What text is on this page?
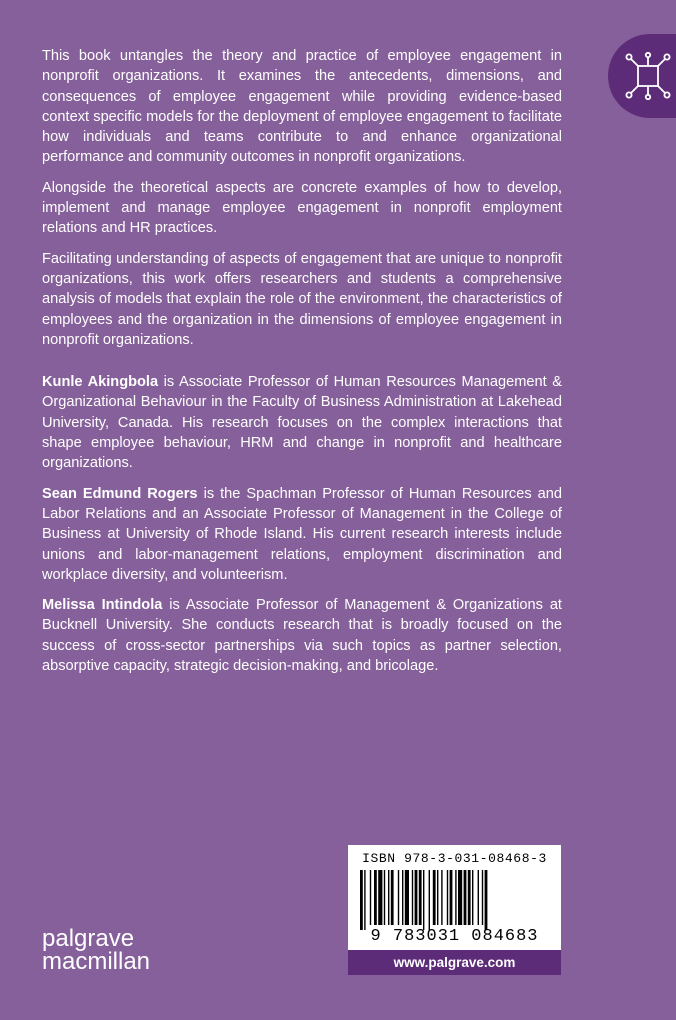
This book untangles the theory and practice of employee engagement in nonprofit organizations. It examines the antecedents, dimensions, and consequences of employee engagement while providing evidence-based context specific models for the deployment of employee engagement to facilitate how individuals and teams contribute to and enhance organizational performance and community outcomes in nonprofit organizations.

Alongside the theoretical aspects are concrete examples of how to develop, implement and manage employee engagement in nonprofit employment relations and HR practices.

Facilitating understanding of aspects of engagement that are unique to nonprofit organizations, this work offers researchers and students a comprehensive analysis of models that explain the role of the environment, the characteristics of employees and the organization in the dimensions of employee engagement in nonprofit organizations.

Kunle Akingbola is Associate Professor of Human Resources Management & Organizational Behaviour in the Faculty of Business Administration at Lakehead University, Canada. His research focuses on the complex interactions that shape employee behaviour, HRM and change in nonprofit and healthcare organizations.

Sean Edmund Rogers is the Spachman Professor of Human Resources and Labor Relations and an Associate Professor of Management in the College of Business at University of Rhode Island. His current research interests include unions and labor-management relations, employment discrimination and workplace diversity, and volunteerism.

Melissa Intindola is Associate Professor of Management & Organizations at Bucknell University. She conducts research that is broadly focused on the success of cross-sector partnerships via such topics as partner selection, absorptive capacity, strategic decision-making, and bricolage.

ISBN 978-3-031-08468-3
9 783031 084683
www.palgrave.com
palgrave
macmillan
